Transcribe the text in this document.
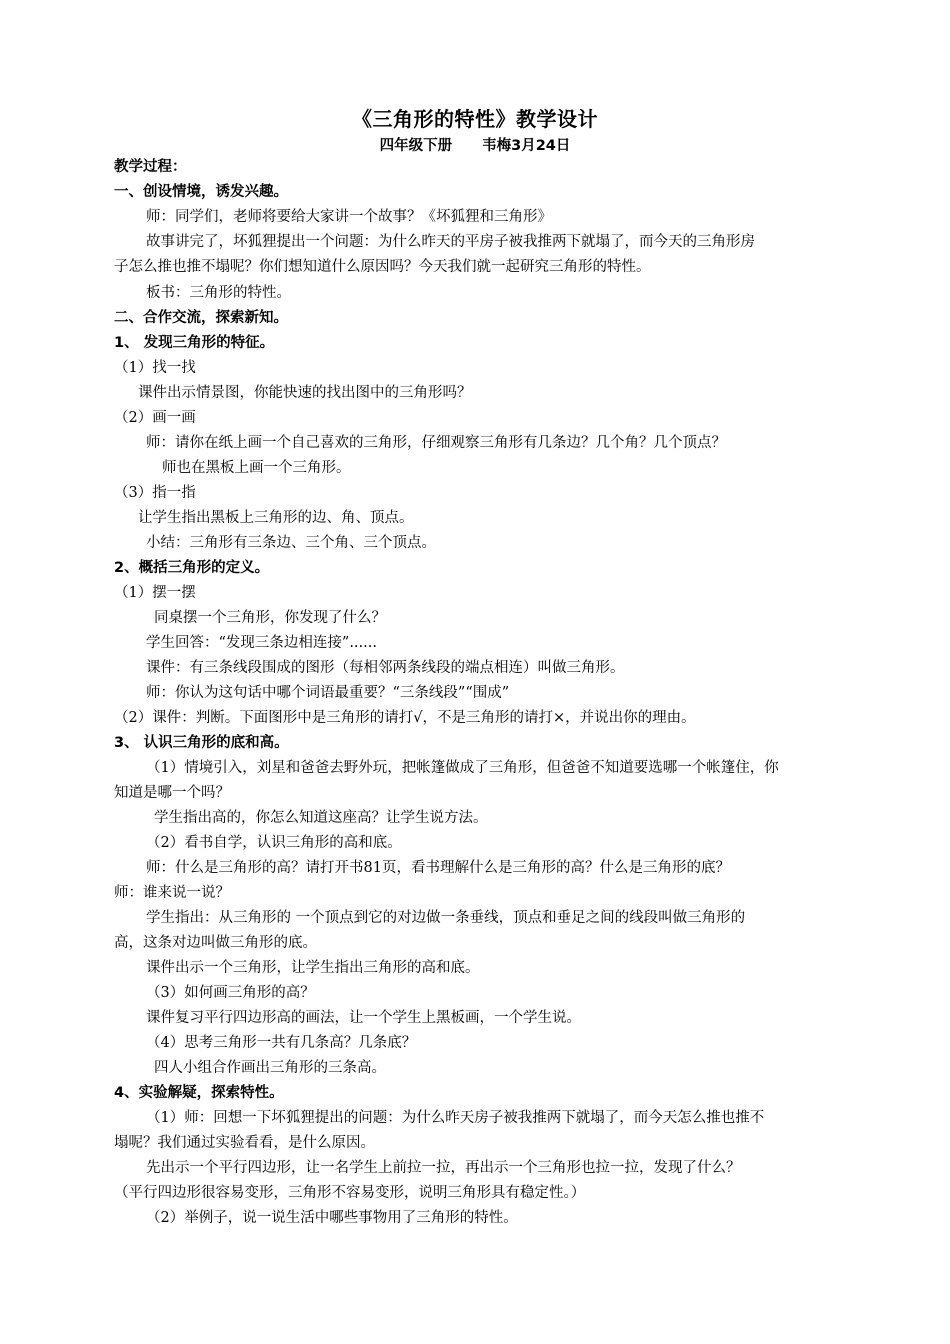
《三角形的特性》教学设计
四年级下册 韦梅3月24日
教学过程：
一、创设情境，诱发兴趣。
师：同学们，老师将要给大家讲一个故事？《坏狐狸和三角形》
故事讲完了，坏狐狸提出一个问题：为什么昨天的平房子被我推两下就塌了，而今天的三角形房
子怎么推也推不塌呢？你们想知道什么原因吗？今天我们就一起研究三角形的特性。
板书：三角形的特性。
二、合作交流，探索新知。
1、 发现三角形的特征。
（1）找一找
课件出示情景图，你能快速的找出图中的三角形吗？
（2）画一画
师：请你在纸上画一个自己喜欢的三角形，仔细观察三角形有几条边？几个角？几个顶点？
师也在黑板上画一个三角形。
（3）指一指
让学生指出黑板上三角形的边、角、顶点。
小结：三角形有三条边、三个角、三个顶点。
2、概括三角形的定义。
（1）摆一摆
同桌摆一个三角形，你发现了什么？
学生回答：“发现三条边相连接”......
课件：有三条线段围成的图形（每相邻两条线段的端点相连）叫做三角形。
师：你认为这句话中哪个词语最重要？“三条线段”“围成”
（2）课件：判断。下面图形中是三角形的请打√，不是三角形的请打×，并说出你的理由。
3、 认识三角形的底和高。
（1）情境引入，刘星和爸爸去野外玩，把帐篷做成了三角形，但爸爸不知道要选哪一个帐篷住，你
知道是哪一个吗？
学生指出高的，你怎么知道这座高？让学生说方法。
（2）看书自学，认识三角形的高和底。
师：什么是三角形的高？请打开书81页，看书理解什么是三角形的高？什么是三角形的底？
师：谁来说一说？
学生指出：从三角形的 一个顶点到它的对边做一条垂线，顶点和垂足之间的线段叫做三角形的
高，这条对边叫做三角形的底。
课件出示一个三角形，让学生指出三角形的高和底。
（3）如何画三角形的高？
课件复习平行四边形高的画法，让一个学生上黑板画，一个学生说。
（4）思考三角形一共有几条高？几条底？
四人小组合作画出三角形的三条高。
4、实验解疑，探索特性。
（1）师：回想一下坏狐狸提出的问题：为什么昨天房子被我推两下就塌了，而今天怎么推也推不
塌呢？我们通过实验看看，是什么原因。
先出示一个平行四边形，让一名学生上前拉一拉，再出示一个三角形也拉一拉，发现了什么？
（平行四边形很容易变形，三角形不容易变形，说明三角形具有稳定性。）
（2）举例子，说一说生活中哪些事物用了三角形的特性。
